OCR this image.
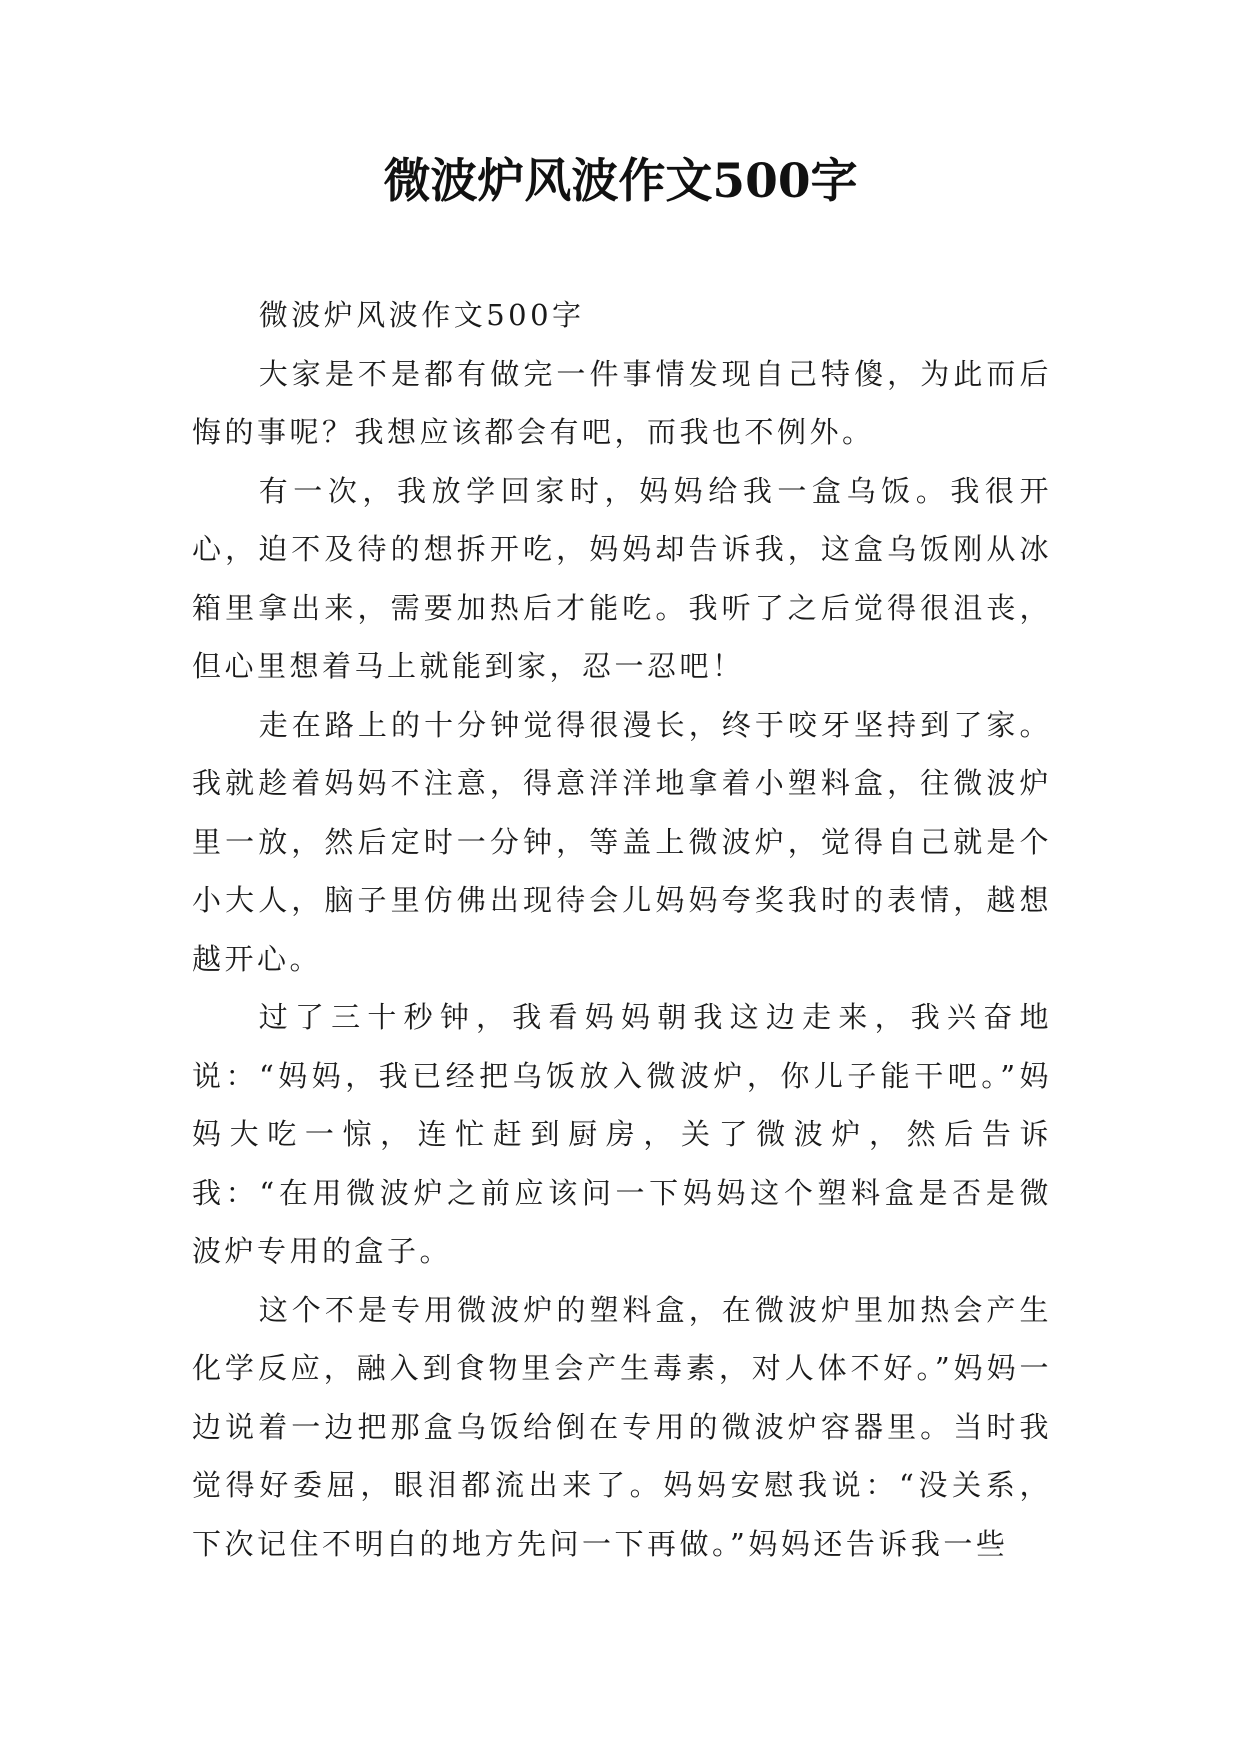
微波炉风波作文500字

微波炉风波作文500字

大家是不是都有做完一件事情发现自己特傻，为此而后悔的事呢？我想应该都会有吧，而我也不例外。

有一次，我放学回家时，妈妈给我一盒乌饭。我很开心，迫不及待的想拆开吃，妈妈却告诉我，这盒乌饭刚从冰箱里拿出来，需要加热后才能吃。我听了之后觉得很沮丧，但心里想着马上就能到家，忍一忍吧！

走在路上的十分钟觉得很漫长，终于咬牙坚持到了家。我就趁着妈妈不注意，得意洋洋地拿着小塑料盒，往微波炉里一放，然后定时一分钟，等盖上微波炉，觉得自己就是个小大人，脑子里仿佛出现待会儿妈妈夸奖我时的表情，越想越开心。

过了三十秒钟，我看妈妈朝我这边走来，我兴奋地说：“妈妈，我已经把乌饭放入微波炉，你儿子能干吧。”妈妈大吃一惊，连忙赶到厨房，关了微波炉，然后告诉我：“在用微波炉之前应该问一下妈妈这个塑料盒是否是微波炉专用的盒子。

这个不是专用微波炉的塑料盒，在微波炉里加热会产生化学反应，融入到食物里会产生毒素，对人体不好。”妈妈一边说着一边把那盒乌饭给倒在专用的微波炉容器里。当时我觉得好委屈，眼泪都流出来了。妈妈安慰我说：“没关系，下次记住不明白的地方先问一下再做。”妈妈还告诉我一些
